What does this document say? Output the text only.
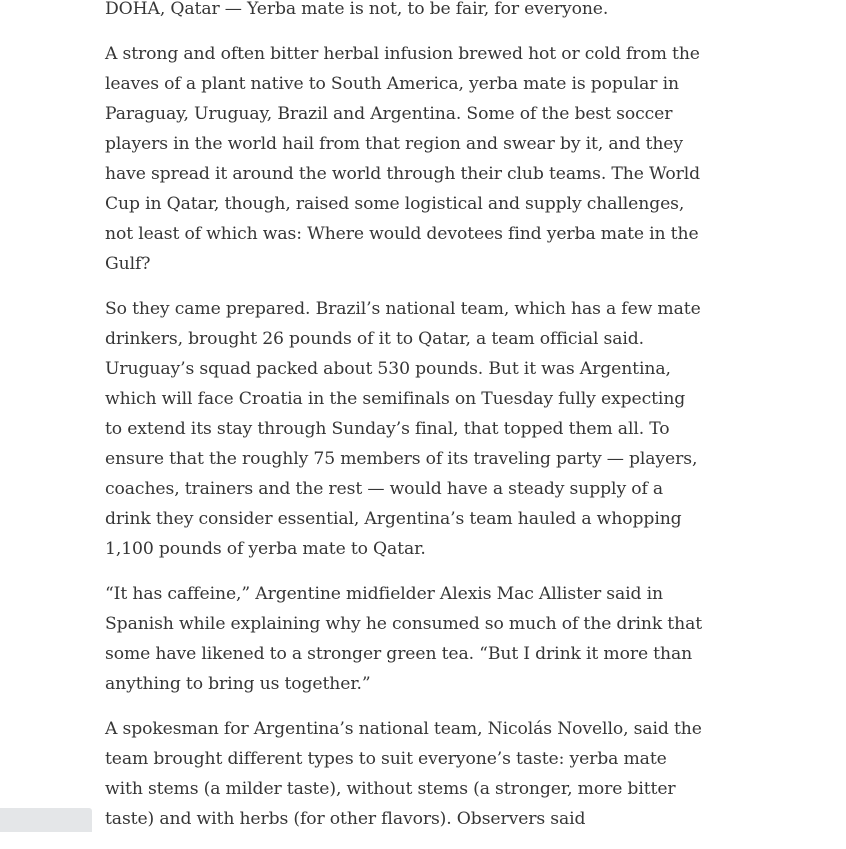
DOHA, Qatar — Yerba mate is not, to be fair, for everyone.

A strong and often bitter herbal infusion brewed hot or cold from the leaves of a plant native to South America, yerba mate is popular in Paraguay, Uruguay, Brazil and Argentina. Some of the best soccer players in the world hail from that region and swear by it, and they have spread it around the world through their club teams. The World Cup in Qatar, though, raised some logistical and supply challenges, not least of which was: Where would devotees find yerba mate in the Gulf?

So they came prepared. Brazil’s national team, which has a few mate drinkers, brought 26 pounds of it to Qatar, a team official said. Uruguay’s squad packed about 530 pounds. But it was Argentina, which will face Croatia in the semifinals on Tuesday fully expecting to extend its stay through Sunday’s final, that topped them all. To ensure that the roughly 75 members of its traveling party — players, coaches, trainers and the rest — would have a steady supply of a drink they consider essential, Argentina’s team hauled a whopping 1,100 pounds of yerba mate to Qatar.

“It has caffeine,” Argentine midfielder Alexis Mac Allister said in Spanish while explaining why he consumed so much of the drink that some have likened to a stronger green tea. “But I drink it more than anything to bring us together.”

A spokesman for Argentina’s national team, Nicolás Novello, said the team brought different types to suit everyone’s taste: yerba mate with stems (a milder taste), without stems (a stronger, more bitter taste) and with herbs (for other flavors). Observers said
